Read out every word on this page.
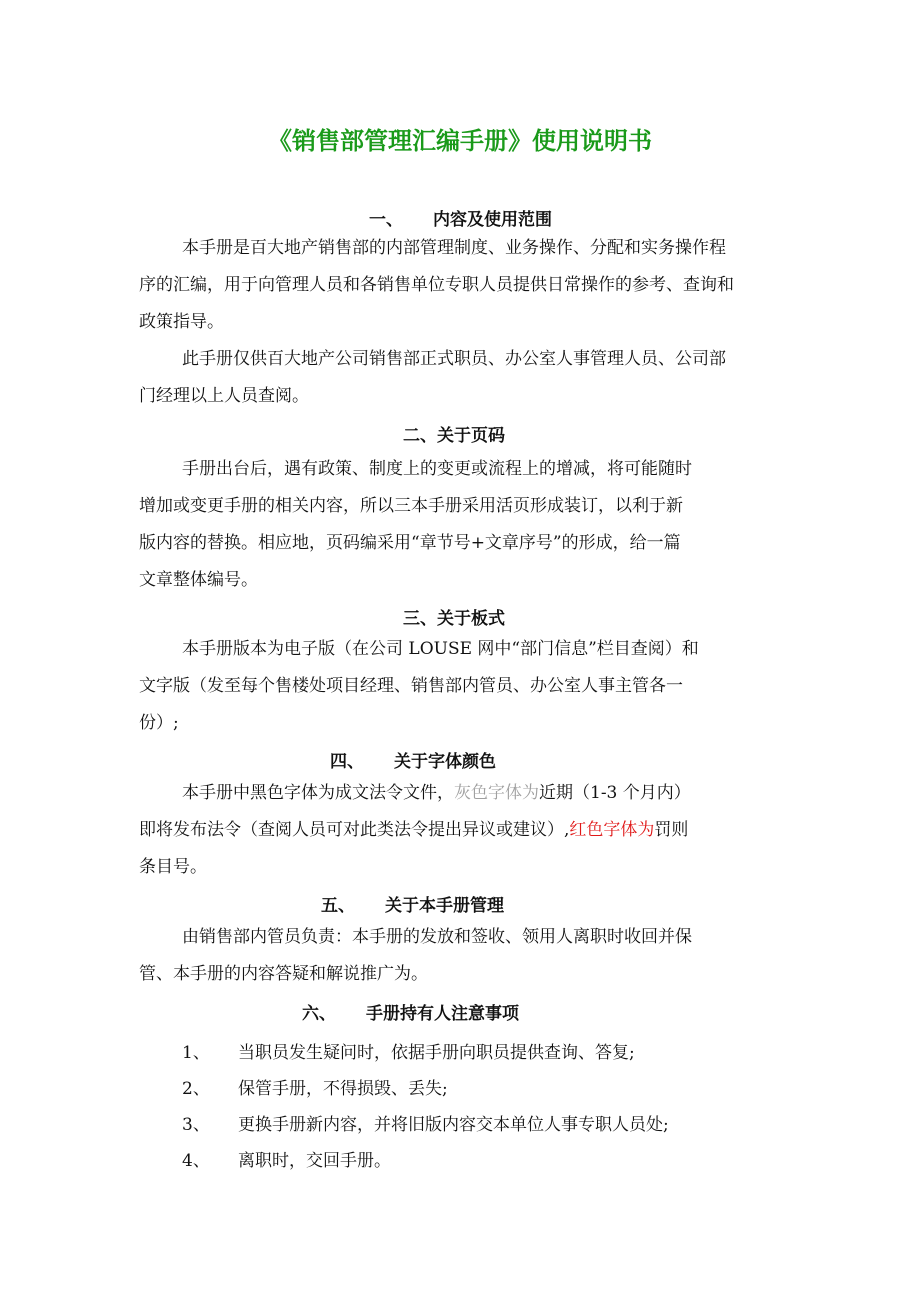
《销售部管理汇编手册》使用说明书
一、 内容及使用范围
本手册是百大地产销售部的内部管理制度、业务操作、分配和实务操作程
序的汇编，用于向管理人员和各销售单位专职人员提供日常操作的参考、查询和
政策指导。
此手册仅供百大地产公司销售部正式职员、办公室人事管理人员、公司部
门经理以上人员查阅。
二、关于页码
手册出台后，遇有政策、制度上的变更或流程上的增减，将可能随时
增加或变更手册的相关内容，所以三本手册采用活页形成装订，以利于新
版内容的替换。相应地，页码编采用“章节号+文章序号”的形成，给一篇
文章整体编号。
三、关于板式
本手册版本为电子版（在公司 LOUSE 网中“部门信息”栏目查阅）和
文字版（发至每个售楼处项目经理、销售部内管员、办公室人事主管各一
份）;
四、 关于字体颜色
本手册中黑色字体为成文法令文件，灰色字体为近期（1-3 个月内）
即将发布法令（查阅人员可对此类法令提出异议或建议）,红色字体为罚则
条目号。
五、 关于本手册管理
由销售部内管员负责：本手册的发放和签收、领用人离职时收回并保
管、本手册的内容答疑和解说推广为。
六、 手册持有人注意事项
1、 当职员发生疑问时，依据手册向职员提供查询、答复;
2、 保管手册，不得损毁、丢失;
3、 更换手册新内容，并将旧版内容交本单位人事专职人员处;
4、 离职时，交回手册。
